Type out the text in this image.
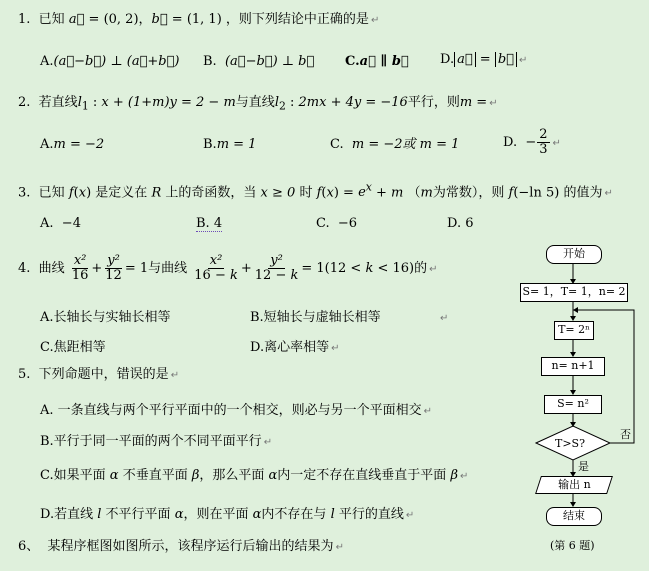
1. 已知 a⃗ = (0, 2)，b⃗ = (1, 1) ，则下列结论中正确的是 ↵
A.(a⃗−b⃗) ⊥ (a⃗+b⃗) B. (a⃗−b⃗) ⊥ b⃗ C.a⃗ ∥ b⃗ D. a⃗ = b⃗ ↵
2. 若直线$l_1$ : x + (1+m)y = 2 − m与直线$l_2$ : 2mx + 4y = −16平行，则m = ↵
A.m = −2	B.m = 1	C. m = −2或 m = 1	D.  − $\frac{2}{3}$ ↵
3. 已知 f(x) 是定义在 R 上的奇函数，当 x ≥ 0 时 $f(x) = e^x + m$ （m为常数），则 f(−ln 5) 的值为 ↵
A. −4	B. 4	C. −6	D. 6
4. 曲线 $\frac{\text{x²}}{16} + \frac{\text{y²}}{12} = 1$与曲线 $\frac{\text{x²}}{16 - k} + \frac{\text{y²}}{12 - k} = 1(12 < k < 16)$的 ↵
A.长轴长与实轴长相等	B.短轴长与虚轴长相等	↵
C.焦距相等	D.离心率相等 ↵
5. 下列命题中，错误的是 ↵
A. 一条直线与两个平行平面中的一个相交，则必与另一个平面相交 ↵
B.平行于同一平面的两个不同平面平行 ↵
C.如果平面 α 不垂直平面 β，那么平面 α内一定不存在直线垂直于平面 β ↵
D.若直线 l 不平行平面 α，则在平面 α内不存在与 l 平行的直线 ↵
6、 某程序框图如图所示，该程序运行后输出的结果为 ↵
开始
S= 1，T= 1，n= 2
T= 2ⁿ
n= n+1
S= n²
T>S?
否
是
输出 n
结束
(第 6 题)
